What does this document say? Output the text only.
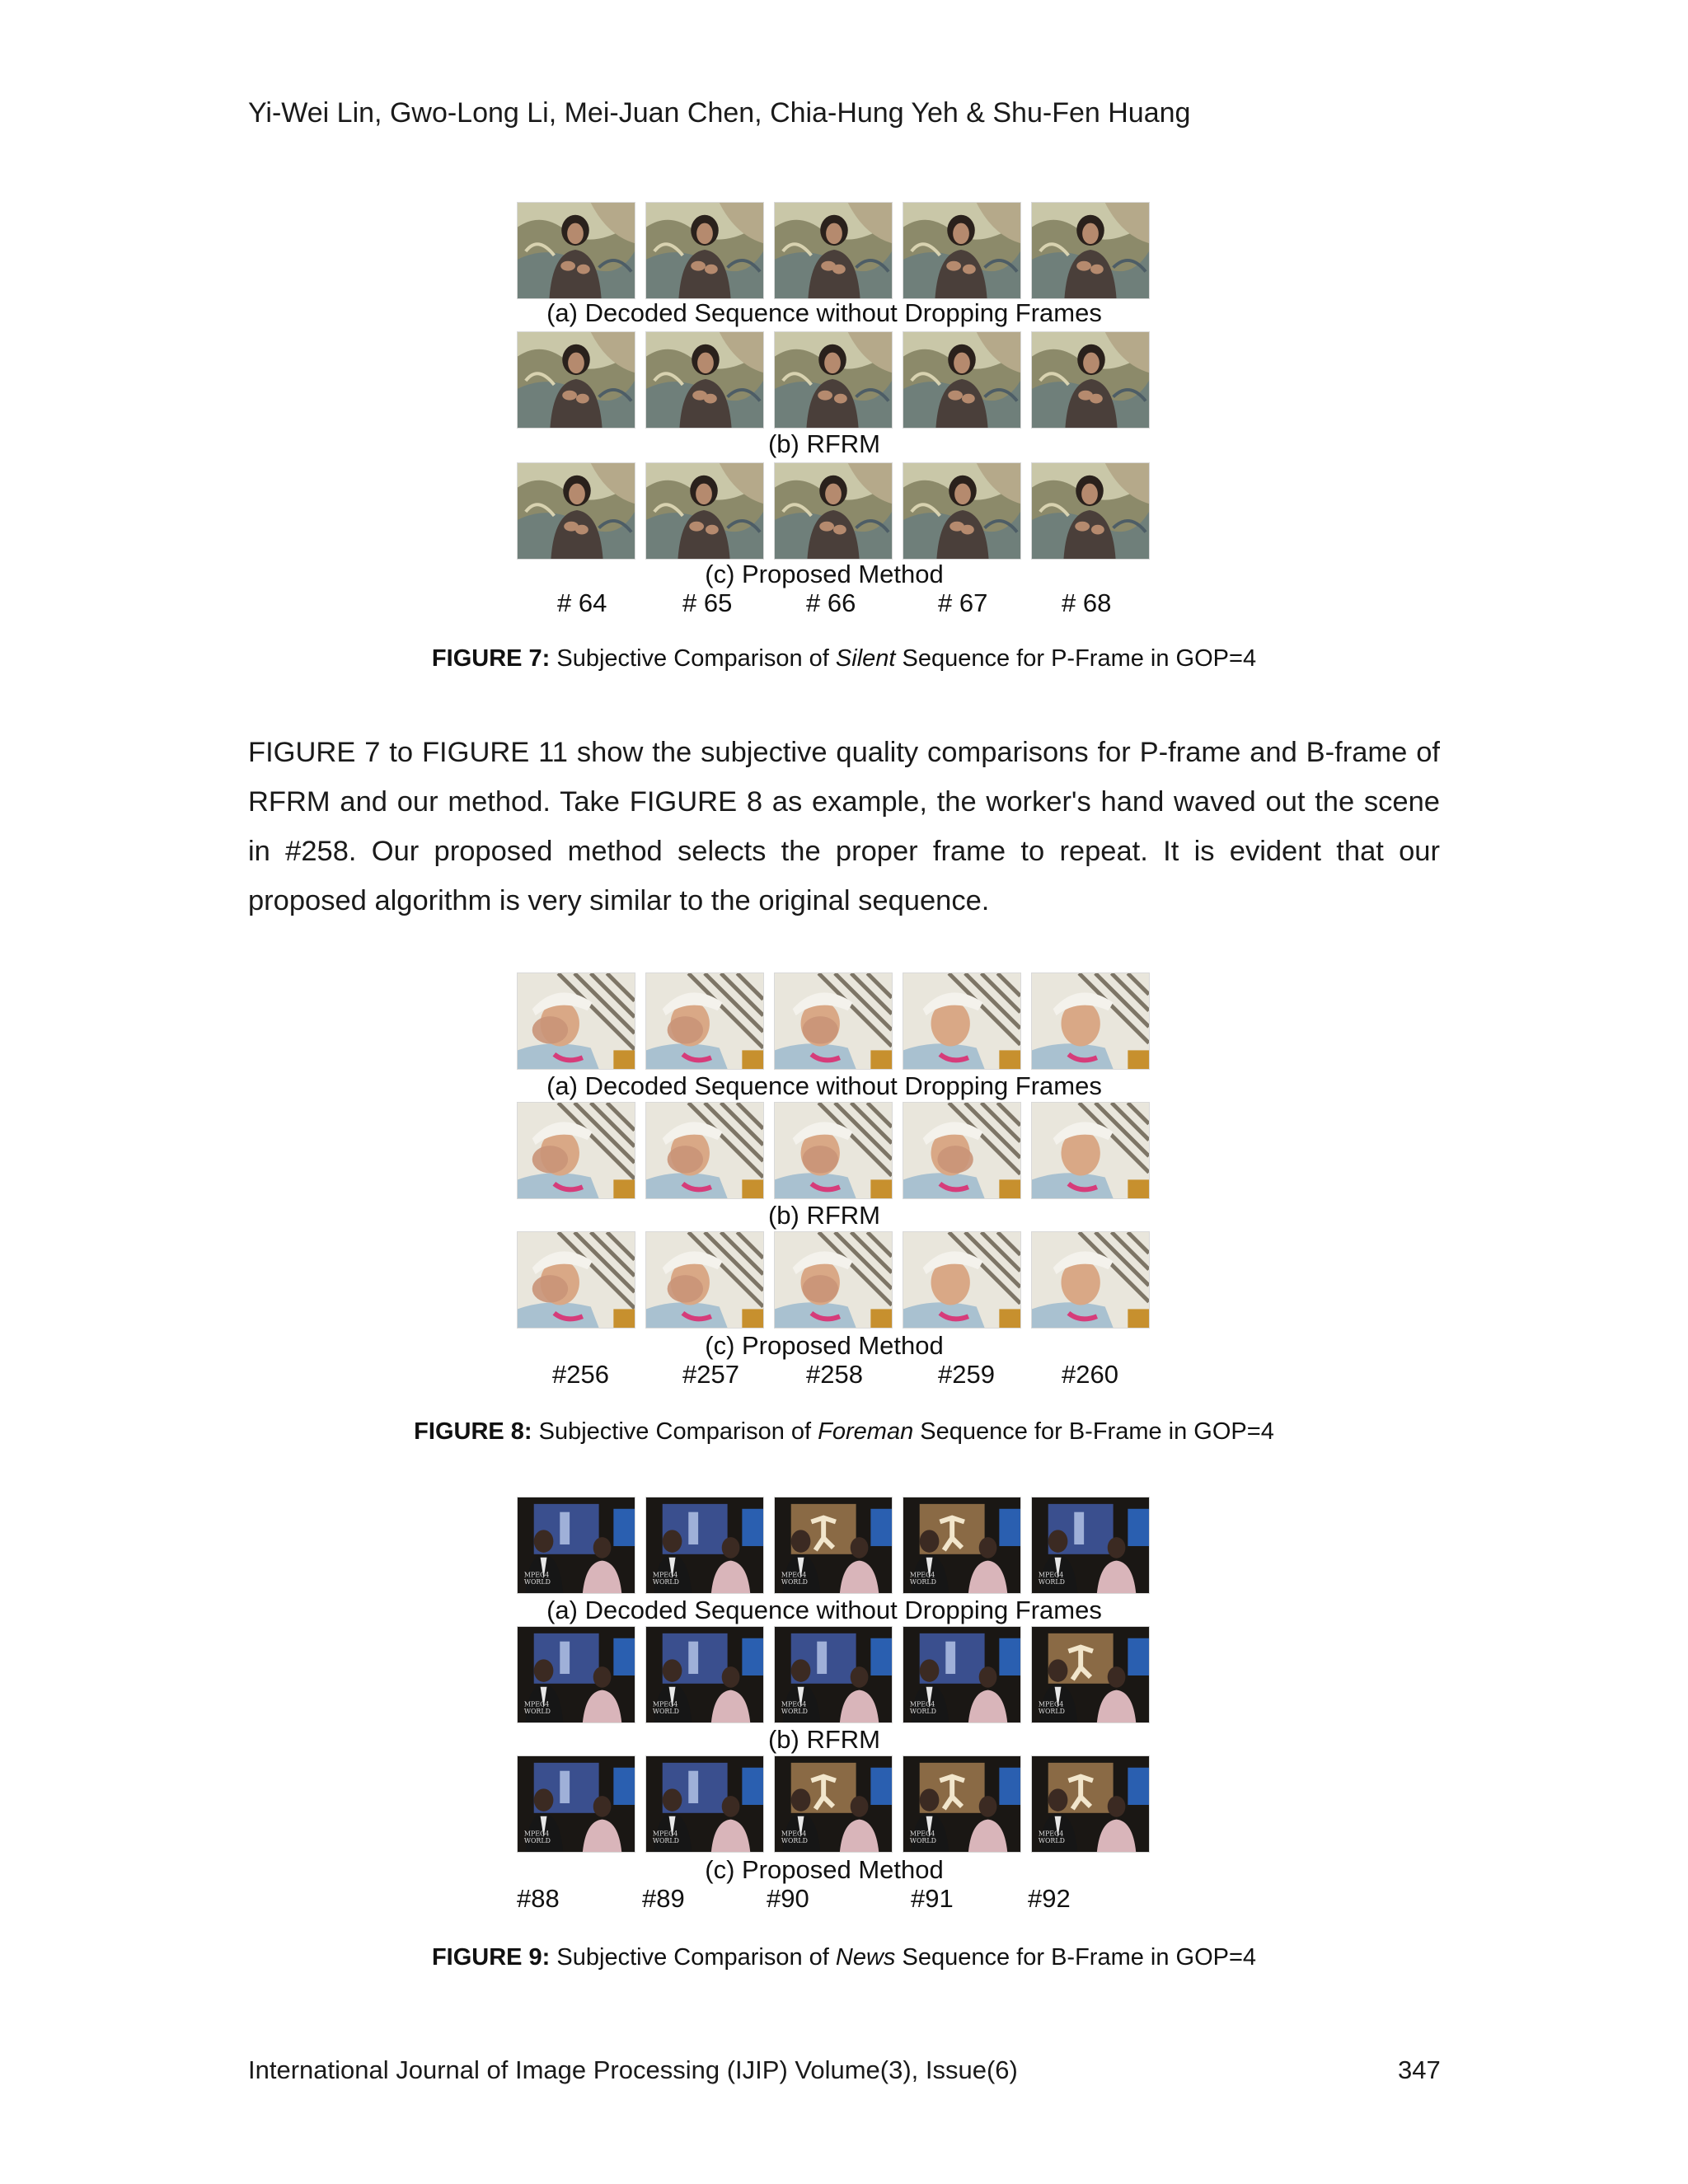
Yi-Wei Lin, Gwo-Long Li, Mei-Juan Chen, Chia-Hung Yeh & Shu-Fen Huang
(a) Decoded Sequence without Dropping Frames
(b) RFRM
(c) Proposed Method
# 64	# 65	# 66	# 67	# 68
FIGURE 7: Subjective Comparison of Silent Sequence for P-Frame in GOP=4
FIGURE 7 to FIGURE 11 show the subjective quality comparisons for P-frame and B-frame of RFRM and our method. Take FIGURE 8 as example, the worker's hand waved out the scene in #258. Our proposed method selects the proper frame to repeat. It is evident that our proposed algorithm is very similar to the original sequence.
(a) Decoded Sequence without Dropping Frames
(b) RFRM
(c) Proposed Method
#256	#257	#258	#259	#260
FIGURE 8: Subjective Comparison of Foreman Sequence for B-Frame in GOP=4
MPEG4
WORLD
MPEG4
WORLD
MPEG4
WORLD
MPEG4
WORLD
MPEG4
WORLD
(a) Decoded Sequence without Dropping Frames
MPEG4
WORLD
MPEG4
WORLD
MPEG4
WORLD
MPEG4
WORLD
MPEG4
WORLD
(b) RFRM
MPEG4
WORLD
MPEG4
WORLD
MPEG4
WORLD
MPEG4
WORLD
MPEG4
WORLD
(c) Proposed Method
#88	#89	#90	#91	#92
FIGURE 9: Subjective Comparison of News Sequence for B-Frame in GOP=4
International Journal of Image Processing (IJIP) Volume(3), Issue(6)	347
